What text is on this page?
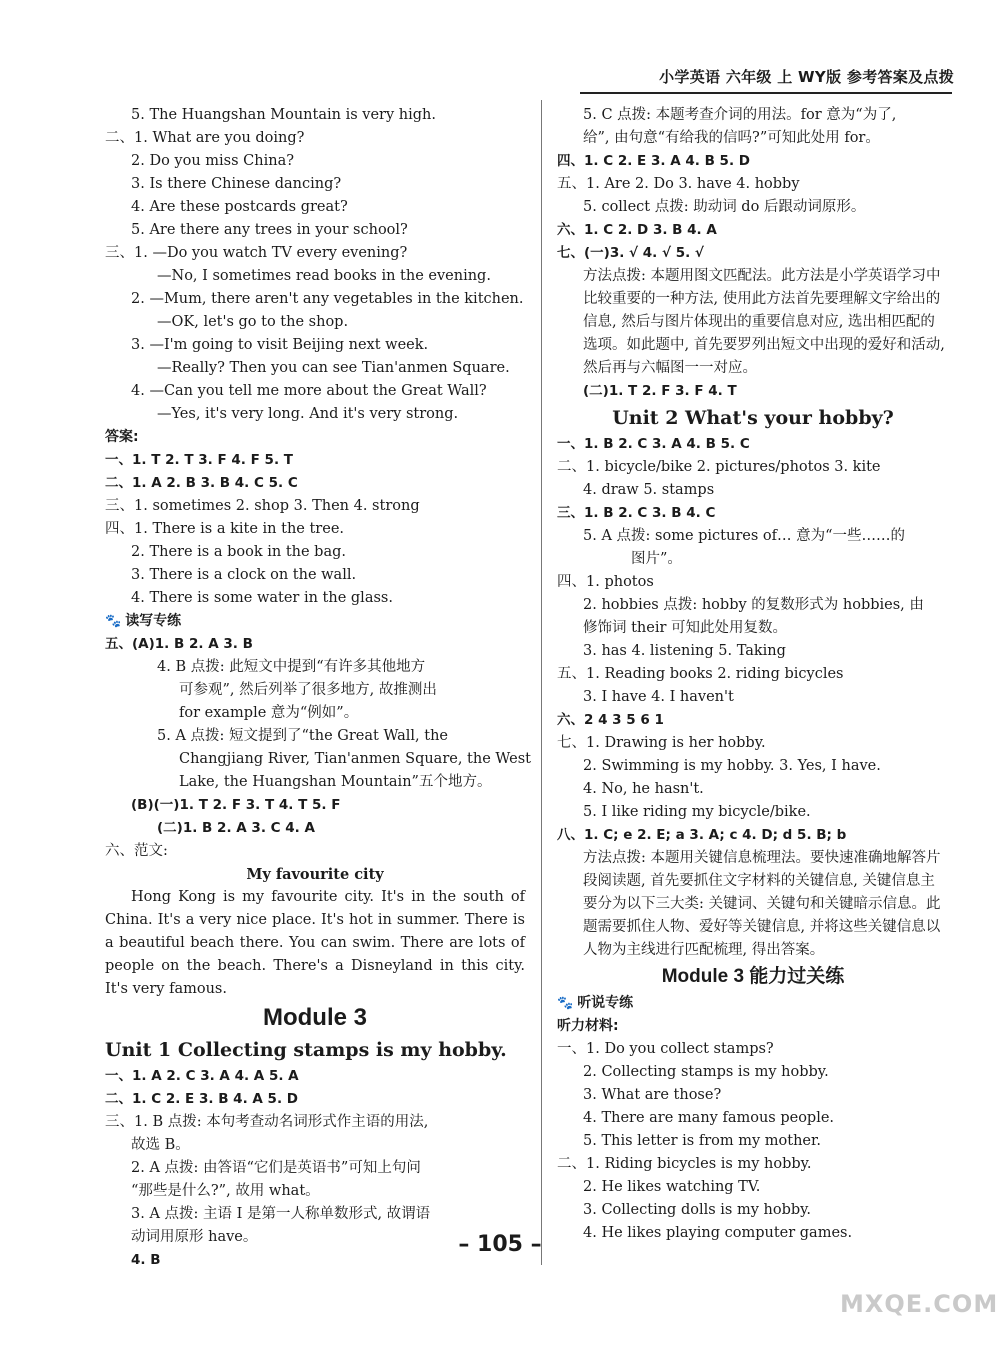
小学英语 六年级 上 WY版 参考答案及点拨
5. The Huangshan Mountain is very high.
二、1. What are you doing?
2. Do you miss China?
3. Is there Chinese dancing?
4. Are these postcards great?
5. Are there any trees in your school?
三、1. —Do you watch TV every evening?
—No, I sometimes read books in the evening.
2. —Mum, there aren't any vegetables in the kitchen.
—OK, let's go to the shop.
3. —I'm going to visit Beijing next week.
—Really? Then you can see Tian'anmen Square.
4. —Can you tell me more about the Great Wall?
—Yes, it's very long. And it's very strong.
答案:
一、1. T 2. T 3. F 4. F 5. T
二、1. A 2. B 3. B 4. C 5. C
三、1. sometimes 2. shop 3. Then 4. strong
四、1. There is a kite in the tree.
2. There is a book in the bag.
3. There is a clock on the wall.
4. There is some water in the glass.
🐾 读写专练
五、(A)1. B 2. A 3. B
4. B 点拨: 此短文中提到“有许多其他地方
可参观”, 然后列举了很多地方, 故推测出
for example 意为“例如”。
5. A 点拨: 短文提到了“the Great Wall, the
Changjiang River, Tian'anmen Square, the West
Lake, the Huangshan Mountain”五个地方。
(B)(一)1. T 2. F 3. T 4. T 5. F
(二)1. B 2. A 3. C 4. A
六、范文:
My favourite city
Hong Kong is my favourite city. It's in the south of China. It's a very nice place. It's hot in summer. There is a beautiful beach there. You can swim. There are lots of people on the beach. There's a Disneyland in this city. It's very famous.
Module 3
Unit 1 Collecting stamps is my hobby.
一、1. A 2. C 3. A 4. A 5. A
二、1. C 2. E 3. B 4. A 5. D
三、1. B 点拨: 本句考查动名词形式作主语的用法,
故选 B。
2. A 点拨: 由答语“它们是英语书”可知上句问
“那些是什么?”, 故用 what。
3. A 点拨: 主语 I 是第一人称单数形式, 故谓语
动词用原形 have。
4. B
5. C 点拨: 本题考查介词的用法。for 意为“为了,
给”, 由句意“有给我的信吗?”可知此处用 for。
四、1. C 2. E 3. A 4. B 5. D
五、1. Are 2. Do 3. have 4. hobby
5. collect 点拨: 助动词 do 后跟动词原形。
六、1. C 2. D 3. B 4. A
七、(一)3. √ 4. √ 5. √
方法点拨: 本题用图文匹配法。此方法是小学英语学习中比较重要的一种方法, 使用此方法首先要理解文字给出的信息, 然后与图片体现出的重要信息对应, 选出相匹配的选项。如此题中, 首先要罗列出短文中出现的爱好和活动, 然后再与六幅图一一对应。
(二)1. T 2. F 3. F 4. T
Unit 2 What's your hobby?
一、1. B 2. C 3. A 4. B 5. C
二、1. bicycle/bike 2. pictures/photos 3. kite
4. draw 5. stamps
三、1. B 2. C 3. B 4. C
5. A 点拨: some pictures of… 意为“一些……的
图片”。
四、1. photos
2. hobbies 点拨: hobby 的复数形式为 hobbies, 由
修饰词 their 可知此处用复数。
3. has 4. listening 5. Taking
五、1. Reading books 2. riding bicycles
3. I have 4. I haven't
六、2 4 3 5 6 1
七、1. Drawing is her hobby.
2. Swimming is my hobby. 3. Yes, I have.
4. No, he hasn't.
5. I like riding my bicycle/bike.
八、1. C; e 2. E; a 3. A; c 4. D; d 5. B; b
方法点拨: 本题用关键信息梳理法。要快速准确地解答片段阅读题, 首先要抓住文字材料的关键信息, 关键信息主要分为以下三大类: 关键词、关键句和关键暗示信息。此题需要抓住人物、爱好等关键信息, 并将这些关键信息以人物为主线进行匹配梳理, 得出答案。
Module 3 能力过关练
🐾 听说专练
听力材料:
一、1. Do you collect stamps?
2. Collecting stamps is my hobby.
3. What are those?
4. There are many famous people.
5. This letter is from my mother.
二、1. Riding bicycles is my hobby.
2. He likes watching TV.
3. Collecting dolls is my hobby.
4. He likes playing computer games.
– 105 –
MXQE.COM
